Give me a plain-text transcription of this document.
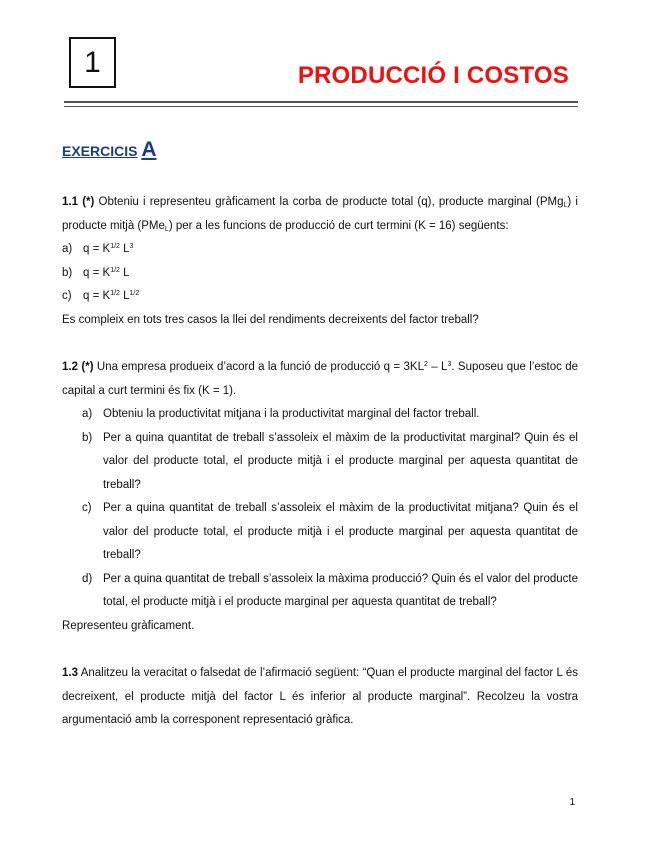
1	PRODUCCIÓ I COSTOS
EXERCICIS A

1.1 (*) Obteniu i representeu gràficament la corba de producte total (q), producte marginal (PMg$_L$) i producte mitjà (PMe$_L$) per a les funcions de producció de curt termini (K = 16) següents:

a) $q = K^{1/2}$ $L^3$
b) $q = K^{1/2}$ L
c) $q = K^{1/2}$ $L^{1/2}$

Es compleix en tots tres casos la llei del rendiments decreixents del factor treball?

1.2 (*) Una empresa produeix d’acord a la funció de producció $q = 3KL^2 - L^3$. Suposeu que l’estoc de capital a curt termini és fix (K = 1).

a) Obteniu la productivitat mitjana i la productivitat marginal del factor treball.
b) Per a quina quantitat de treball s’assoleix el màxim de la productivitat marginal? Quin és el valor del producte total, el producte mitjà i el producte marginal per aquesta quantitat de treball?
c) Per a quina quantitat de treball s’assoleix el màxim de la productivitat mitjana? Quin és el valor del producte total, el producte mitjà i el producte marginal per aquesta quantitat de treball?
d) Per a quina quantitat de treball s’assoleix la màxima producció? Quin és el valor del producte total, el producte mitjà i el producte marginal per aquesta quantitat de treball?

Representeu gràficament.

1.3 Analitzeu la veracitat o falsedat de l’afirmació següent: “Quan el producte marginal del factor L és decreixent, el producte mitjà del factor L és inferior al producte marginal”. Recolzeu la vostra argumentació amb la corresponent representació gràfica.

1
